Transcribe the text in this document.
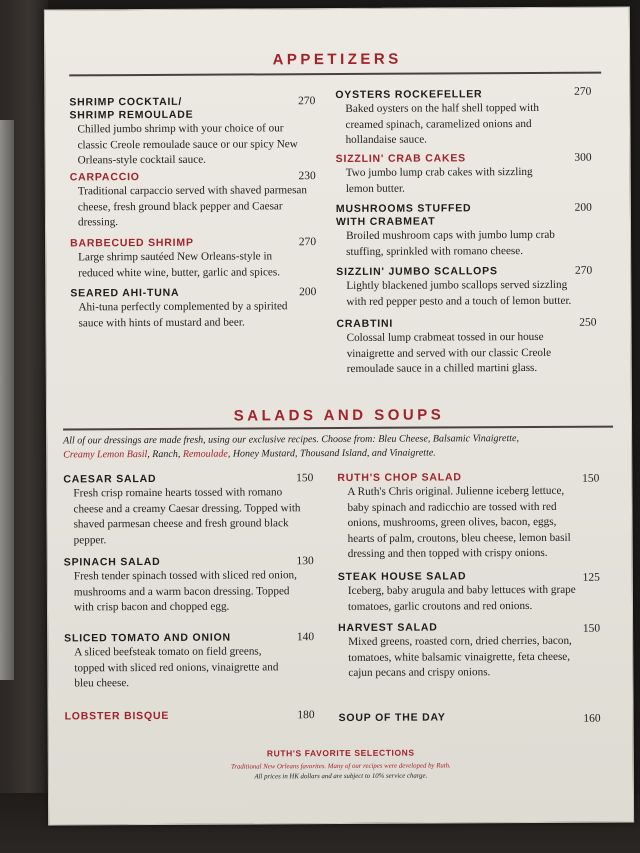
APPETIZERS
SHRIMP COCKTAIL/
SHRIMP REMOULADE
270
Chilled jumbo shrimp with your choice of our
classic Creole remoulade sauce or our spicy New
Orleans-style cocktail sauce.
CARPACCIO	230
Traditional carpaccio served with shaved parmesan
cheese, fresh ground black pepper and Caesar
dressing.
BARBECUED SHRIMP	270
Large shrimp sautéed New Orleans-style in
reduced white wine, butter, garlic and spices.
SEARED AHI-TUNA	200
Ahi-tuna perfectly complemented by a spirited
sauce with hints of mustard and beer.
OYSTERS ROCKEFELLER	270
Baked oysters on the half shell topped with
creamed spinach, caramelized onions and
hollandaise sauce.
SIZZLIN' CRAB CAKES	300
Two jumbo lump crab cakes with sizzling
lemon butter.
MUSHROOMS STUFFED
WITH CRABMEAT
200
Broiled mushroom caps with jumbo lump crab
stuffing, sprinkled with romano cheese.
SIZZLIN' JUMBO SCALLOPS	270
Lightly blackened jumbo scallops served sizzling
with red pepper pesto and a touch of lemon butter.
CRABTINI	250
Colossal lump crabmeat tossed in our house
vinaigrette and served with our classic Creole
remoulade sauce in a chilled martini glass.
SALADS AND SOUPS
All of our dressings are made fresh, using our exclusive recipes. Choose from: Bleu Cheese, Balsamic Vinaigrette,
Creamy Lemon Basil, Ranch, Remoulade, Honey Mustard, Thousand Island, and Vinaigrette.
CAESAR SALAD	150
Fresh crisp romaine hearts tossed with romano
cheese and a creamy Caesar dressing. Topped with
shaved parmesan cheese and fresh ground black
pepper.
SPINACH SALAD	130
Fresh tender spinach tossed with sliced red onion,
mushrooms and a warm bacon dressing. Topped
with crisp bacon and chopped egg.
SLICED TOMATO AND ONION	140
A sliced beefsteak tomato on field greens,
topped with sliced red onions, vinaigrette and
bleu cheese.
LOBSTER BISQUE	180
RUTH'S CHOP SALAD	150
A Ruth's Chris original. Julienne iceberg lettuce,
baby spinach and radicchio are tossed with red
onions, mushrooms, green olives, bacon, eggs,
hearts of palm, croutons, bleu cheese, lemon basil
dressing and then topped with crispy onions.
STEAK HOUSE SALAD	125
Iceberg, baby arugula and baby lettuces with grape
tomatoes, garlic croutons and red onions.
HARVEST SALAD	150
Mixed greens, roasted corn, dried cherries, bacon,
tomatoes, white balsamic vinaigrette, feta cheese,
cajun pecans and crispy onions.
SOUP OF THE DAY	160
RUTH'S FAVORITE SELECTIONS
Traditional New Orleans favorites. Many of our recipes were developed by Ruth.
All prices in HK dollars and are subject to 10% service charge.
